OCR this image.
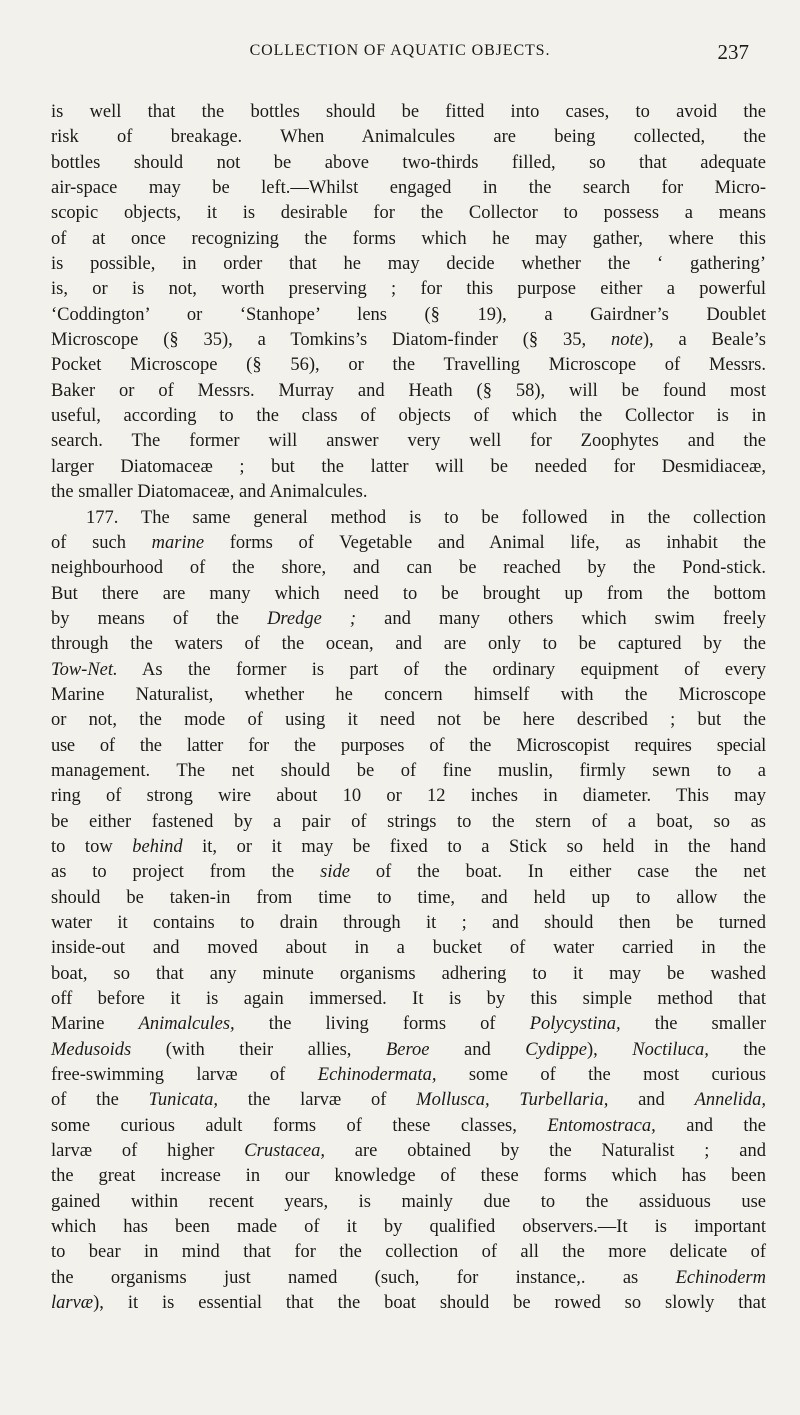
COLLECTION OF AQUATIC OBJECTS.	237
is well that the bottles should be fitted into cases, to avoid the
risk of breakage. When Animalcules are being collected, the
bottles should not be above two-thirds filled, so that adequate
air-space may be left.—Whilst engaged in the search for Micro-
scopic objects, it is desirable for the Collector to possess a means
of at once recognizing the forms which he may gather, where this
is possible, in order that he may decide whether the ‘ gathering’
is, or is not, worth preserving ; for this purpose either a powerful
‘Coddington’ or ‘Stanhope’ lens (§ 19), a Gairdner’s Doublet
Microscope (§ 35), a Tomkins’s Diatom-finder (§ 35, note), a Beale’s
Pocket Microscope (§ 56), or the Travelling Microscope of Messrs.
Baker or of Messrs. Murray and Heath (§ 58), will be found most
useful, according to the class of objects of which the Collector is in
search. The former will answer very well for Zoophytes and the
larger Diatomaceæ ; but the latter will be needed for Desmidiaceæ,
the smaller Diatomaceæ, and Animalcules.
177. The same general method is to be followed in the collection
of such marine forms of Vegetable and Animal life, as inhabit the
neighbourhood of the shore, and can be reached by the Pond-stick.
But there are many which need to be brought up from the bottom
by means of the Dredge ; and many others which swim freely
through the waters of the ocean, and are only to be captured by the
Tow-Net. As the former is part of the ordinary equipment of every
Marine Naturalist, whether he concern himself with the Microscope
or not, the mode of using it need not be here described ; but the
use of the latter for the purposes of the Microscopist requires special
management. The net should be of fine muslin, firmly sewn to a
ring of strong wire about 10 or 12 inches in diameter. This may
be either fastened by a pair of strings to the stern of a boat, so as
to tow behind it, or it may be fixed to a Stick so held in the hand
as to project from the side of the boat. In either case the net
should be taken-in from time to time, and held up to allow the
water it contains to drain through it ; and should then be turned
inside-out and moved about in a bucket of water carried in the
boat, so that any minute organisms adhering to it may be washed
off before it is again immersed. It is by this simple method that
Marine Animalcules, the living forms of Polycystina, the smaller
Medusoids (with their allies, Beroe and Cydippe), Noctiluca, the
free-swimming larvæ of Echinodermata, some of the most curious
of the Tunicata, the larvæ of Mollusca, Turbellaria, and Annelida,
some curious adult forms of these classes, Entomostraca, and the
larvæ of higher Crustacea, are obtained by the Naturalist ; and
the great increase in our knowledge of these forms which has been
gained within recent years, is mainly due to the assiduous use
which has been made of it by qualified observers.—It is important
to bear in mind that for the collection of all the more delicate of
the organisms just named (such, for instance,. as Echinoderm
larvæ), it is essential that the boat should be rowed so slowly that
